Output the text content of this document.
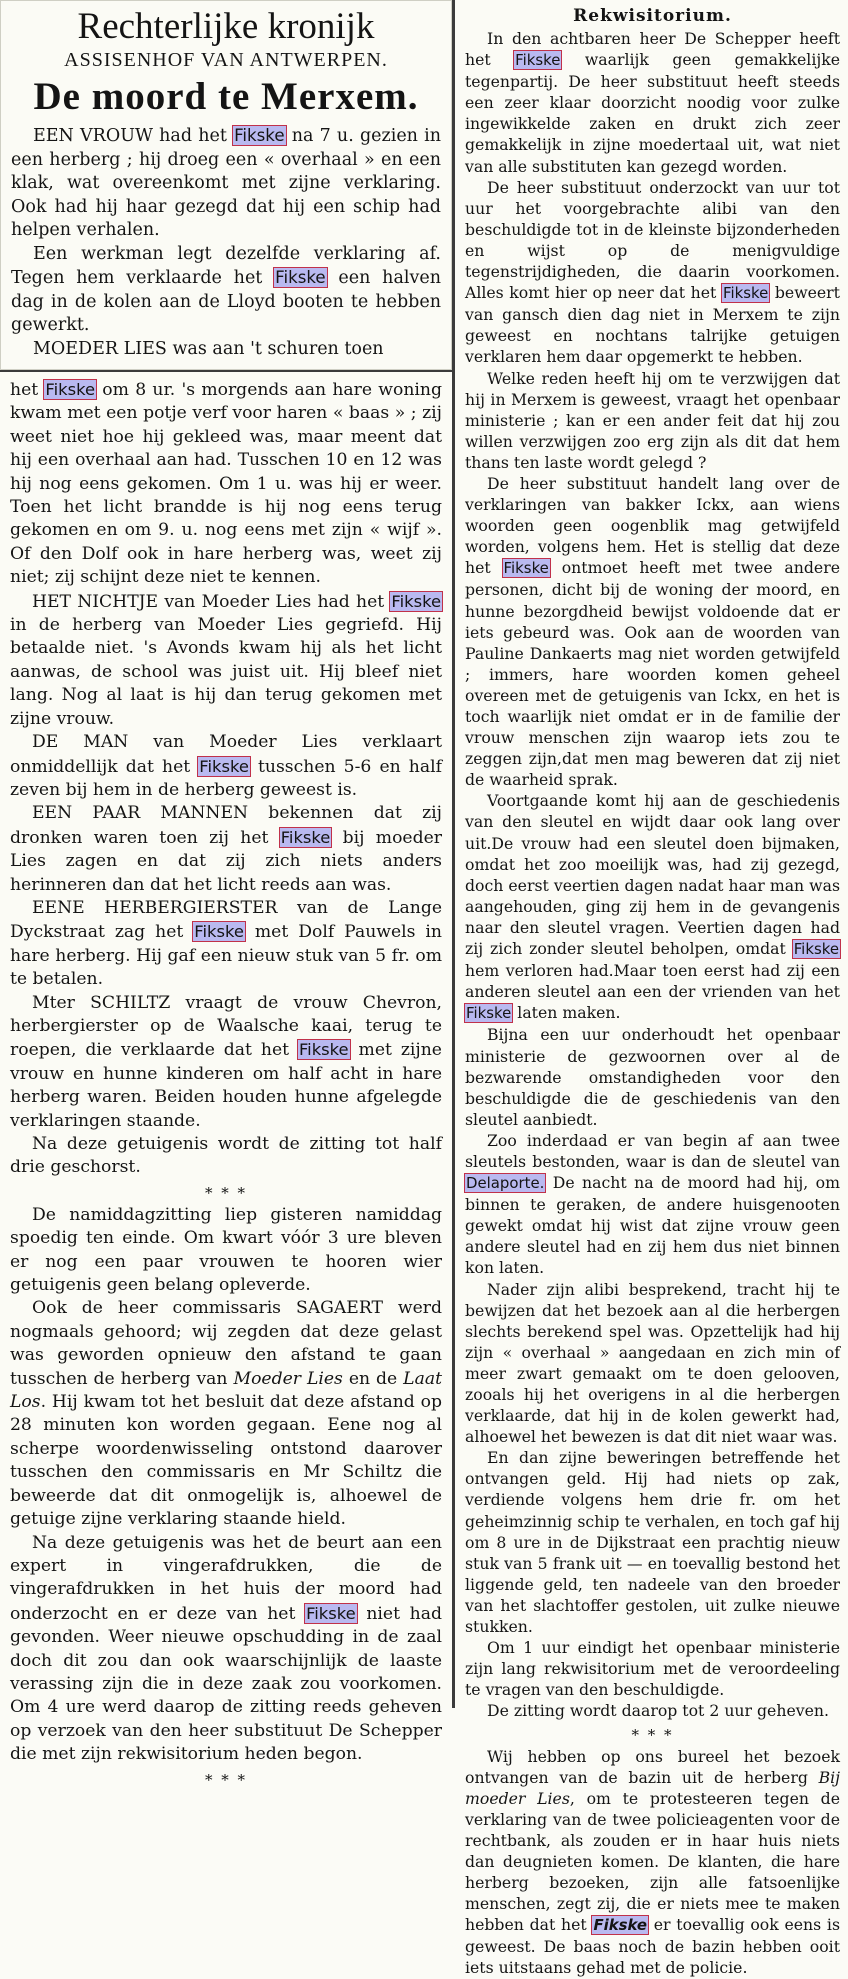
Rechterlijke kronijk
ASSISENHOF VAN ANTWERPEN.
De moord te Merxem.

EEN VROUW had het Fikske na 7 u. gezien in een herberg ; hij droeg een « overhaal » en een klak, wat overeenkomt met zijne verklaring. Ook had hij haar gezegd dat hij een schip had helpen verhalen.

Een werkman legt dezelfde verklaring af. Tegen hem verklaarde het Fikske een halven dag in de kolen aan de Lloyd booten te hebben gewerkt.

MOEDER LIES was aan 't schuren toen

het Fikske om 8 ur. 's morgends aan hare woning kwam met een potje verf voor haren « baas » ; zij weet niet hoe hij gekleed was, maar meent dat hij een overhaal aan had. Tusschen 10 en 12 was hij nog eens gekomen. Om 1 u. was hij er weer. Toen het licht brandde is hij nog eens terug gekomen en om 9. u. nog eens met zijn « wijf ». Of den Dolf ook in hare herberg was, weet zij niet; zij schijnt deze niet te kennen.

HET NICHTJE van Moeder Lies had het Fikske in de herberg van Moeder Lies gegriefd. Hij betaalde niet. 's Avonds kwam hij als het licht aanwas, de school was juist uit. Hij bleef niet lang. Nog al laat is hij dan terug gekomen met zijne vrouw.

DE MAN van Moeder Lies verklaart onmiddellijk dat het Fikske tusschen 5-6 en half zeven bij hem in de herberg geweest is.

EEN PAAR MANNEN bekennen dat zij dronken waren toen zij het Fikske bij moeder Lies zagen en dat zij zich niets anders herinneren dan dat het licht reeds aan was.

EENE HERBERGIERSTER van de Lange Dyckstraat zag het Fikske met Dolf Pauwels in hare herberg. Hij gaf een nieuw stuk van 5 fr. om te betalen.

Mter SCHILTZ vraagt de vrouw Chevron, herbergierster op de Waalsche kaai, terug te roepen, die verklaarde dat het Fikske met zijne vrouw en hunne kinderen om half acht in hare herberg waren. Beiden houden hunne afgelegde verklaringen staande.

Na deze getuigenis wordt de zitting tot half drie geschorst.

* * *

De namiddagzitting liep gisteren namiddag spoedig ten einde. Om kwart vóór 3 ure bleven er nog een paar vrouwen te hooren wier getuigenis geen belang opleverde.

Ook de heer commissaris SAGAERT werd nogmaals gehoord; wij zegden dat deze gelast was geworden opnieuw den afstand te gaan tusschen de herberg van Moeder Lies en de Laat Los. Hij kwam tot het besluit dat deze afstand op 28 minuten kon worden gegaan. Eene nog al scherpe woordenwisseling ontstond daarover tusschen den commissaris en Mr Schiltz die beweerde dat dit onmogelijk is, alhoewel de getuige zijne verklaring staande hield.

Na deze getuigenis was het de beurt aan een expert in vingerafdrukken, die de vingerafdrukken in het huis der moord had onderzocht en er deze van het Fikske niet had gevonden. Weer nieuwe opschudding in de zaal doch dit zou dan ook waarschijnlijk de laaste verassing zijn die in deze zaak zou voorkomen. Om 4 ure werd daarop de zitting reeds geheven op verzoek van den heer substituut De Schepper die met zijn rekwisitorium heden begon.

* * *
Rekwisitorium.

In den achtbaren heer De Schepper heeft het Fikske waarlijk geen gemakkelijke tegenpartij. De heer substituut heeft steeds een zeer klaar doorzicht noodig voor zulke ingewikkelde zaken en drukt zich zeer gemakkelijk in zijne moedertaal uit, wat niet van alle substituten kan gezegd worden.

De heer substituut onderzockt van uur tot uur het voorgebrachte alibi van den beschuldigde tot in de kleinste bijzonderheden en wijst op de menigvuldige tegenstrijdigheden, die daarin voorkomen. Alles komt hier op neer dat het Fikske beweert van gansch dien dag niet in Merxem te zijn geweest en nochtans talrijke getuigen verklaren hem daar opgemerkt te hebben.

Welke reden heeft hij om te verzwijgen dat hij in Merxem is geweest, vraagt het openbaar ministerie ; kan er een ander feit dat hij zou willen verzwijgen zoo erg zijn als dit dat hem thans ten laste wordt gelegd ?

De heer substituut handelt lang over de verklaringen van bakker Ickx, aan wiens woorden geen oogenblik mag getwijfeld worden, volgens hem. Het is stellig dat deze het Fikske ontmoet heeft met twee andere personen, dicht bij de woning der moord, en hunne bezorgdheid bewijst voldoende dat er iets gebeurd was. Ook aan de woorden van Pauline Dankaerts mag niet worden getwijfeld ; immers, hare woorden komen geheel overeen met de getuigenis van Ickx, en het is toch waarlijk niet omdat er in de familie der vrouw menschen zijn waarop iets zou te zeggen zijn,dat men mag beweren dat zij niet de waarheid sprak.

Voortgaande komt hij aan de geschiedenis van den sleutel en wijdt daar ook lang over uit.De vrouw had een sleutel doen bijmaken, omdat het zoo moeilijk was, had zij gezegd, doch eerst veertien dagen nadat haar man was aangehouden, ging zij hem in de gevangenis naar den sleutel vragen. Veertien dagen had zij zich zonder sleutel beholpen, omdat Fikske hem verloren had.Maar toen eerst had zij een anderen sleutel aan een der vrienden van het Fikske laten maken.

Bijna een uur onderhoudt het openbaar ministerie de gezwoornen over al de bezwarende omstandigheden voor den beschuldigde die de geschiedenis van den sleutel aanbiedt.

Zoo inderdaad er van begin af aan twee sleutels bestonden, waar is dan de sleutel van Delaporte. De nacht na de moord had hij, om binnen te geraken, de andere huisgenooten gewekt omdat hij wist dat zijne vrouw geen andere sleutel had en zij hem dus niet binnen kon laten.

Nader zijn alibi besprekend, tracht hij te bewijzen dat het bezoek aan al die herbergen slechts berekend spel was. Opzettelijk had hij zijn « overhaal » aangedaan en zich min of meer zwart gemaakt om te doen gelooven, zooals hij het overigens in al die herbergen verklaarde, dat hij in de kolen gewerkt had, alhoewel het bewezen is dat dit niet waar was.

En dan zijne beweringen betreffende het ontvangen geld. Hij had niets op zak, verdiende volgens hem drie fr. om het geheimzinnig schip te verhalen, en toch gaf hij om 8 ure in de Dijkstraat een prachtig nieuw stuk van 5 frank uit — en toevallig bestond het liggende geld, ten nadeele van den broeder van het slachtoffer gestolen, uit zulke nieuwe stukken.

Om 1 uur eindigt het openbaar ministerie zijn lang rekwisitorium met de veroordeeling te vragen van den beschuldigde.

De zitting wordt daarop tot 2 uur geheven.

* * *

Wij hebben op ons bureel het bezoek ontvangen van de bazin uit de herberg Bij moeder Lies, om te protesteeren tegen de verklaring van de twee policieagenten voor de rechtbank, als zouden er in haar huis niets dan deugnieten komen. De klanten, die hare herberg bezoeken, zijn alle fatsoenlijke menschen, zegt zij, die er niets mee te maken hebben dat het Fikske er toevallig ook eens is geweest. De baas noch de bazin hebben ooit iets uitstaans gehad met de policie.
